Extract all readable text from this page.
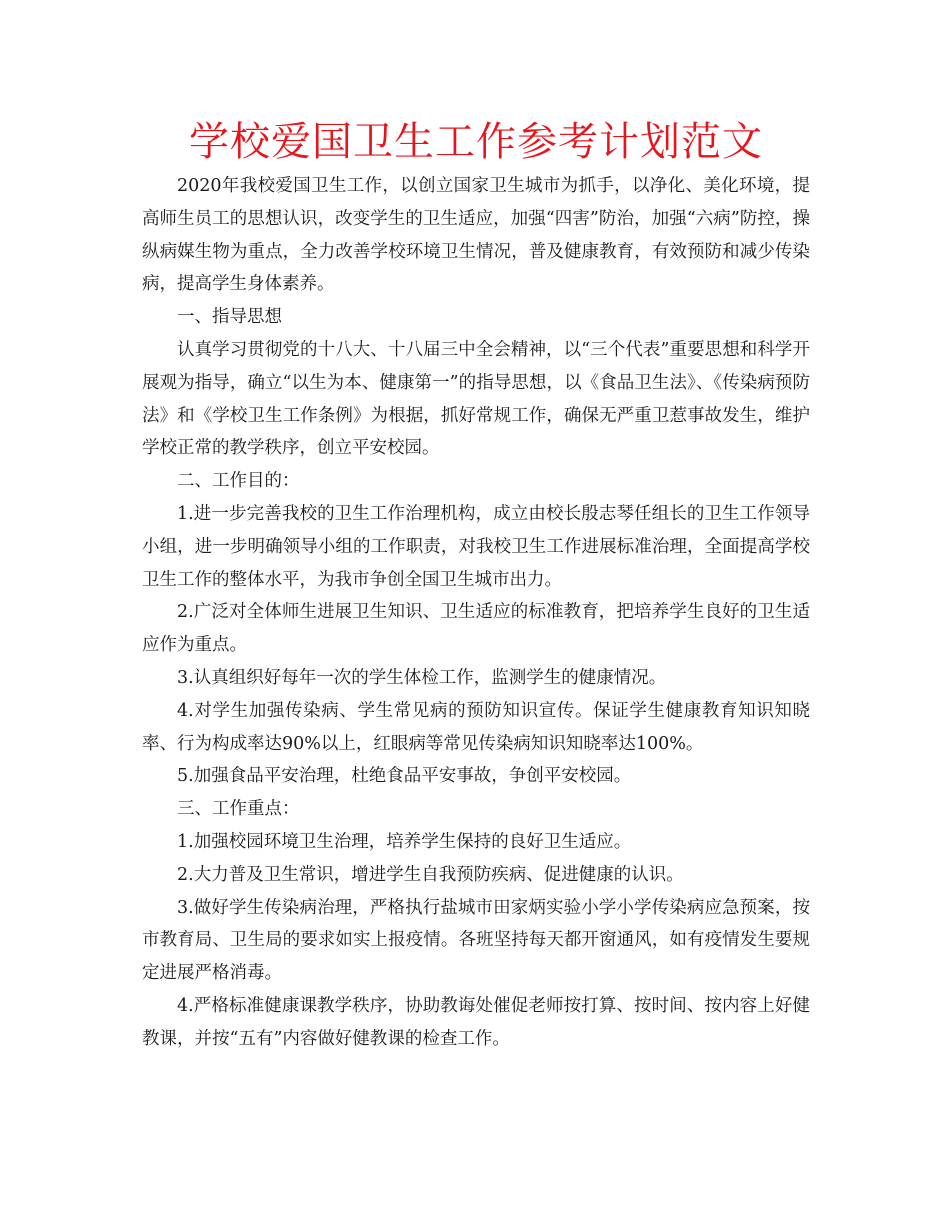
学校爱国卫生工作参考计划范文

2020年我校爱国卫生工作，以创立国家卫生城市为抓手，以净化、美化环境，提高师生员工的思想认识，改变学生的卫生适应，加强“四害”防治，加强“六病”防控，操纵病媒生物为重点，全力改善学校环境卫生情况，普及健康教育，有效预防和减少传染病，提高学生身体素养。

一、指导思想

认真学习贯彻党的十八大、十八届三中全会精神，以“三个代表”重要思想和科学开展观为指导，确立“以生为本、健康第一”的指导思想，以《食品卫生法》、《传染病预防法》和《学校卫生工作条例》为根据，抓好常规工作，确保无严重卫惹事故发生，维护学校正常的教学秩序，创立平安校园。

二、工作目的：

1.进一步完善我校的卫生工作治理机构，成立由校长殷志琴任组长的卫生工作领导小组，进一步明确领导小组的工作职责，对我校卫生工作进展标准治理，全面提高学校卫生工作的整体水平，为我市争创全国卫生城市出力。

2.广泛对全体师生进展卫生知识、卫生适应的标准教育，把培养学生良好的卫生适应作为重点。

3.认真组织好每年一次的学生体检工作，监测学生的健康情况。

4.对学生加强传染病、学生常见病的预防知识宣传。保证学生健康教育知识知晓率、行为构成率达90%以上，红眼病等常见传染病知识知晓率达100%。

5.加强食品平安治理，杜绝食品平安事故，争创平安校园。

三、工作重点：

1.加强校园环境卫生治理，培养学生保持的良好卫生适应。

2.大力普及卫生常识，增进学生自我预防疾病、促进健康的认识。

3.做好学生传染病治理，严格执行盐城市田家炳实验小学小学传染病应急预案，按市教育局、卫生局的要求如实上报疫情。各班坚持每天都开窗通风，如有疫情发生要规定进展严格消毒。

4.严格标准健康课教学秩序，协助教诲处催促老师按打算、按时间、按内容上好健教课，并按“五有”内容做好健教课的检查工作。
